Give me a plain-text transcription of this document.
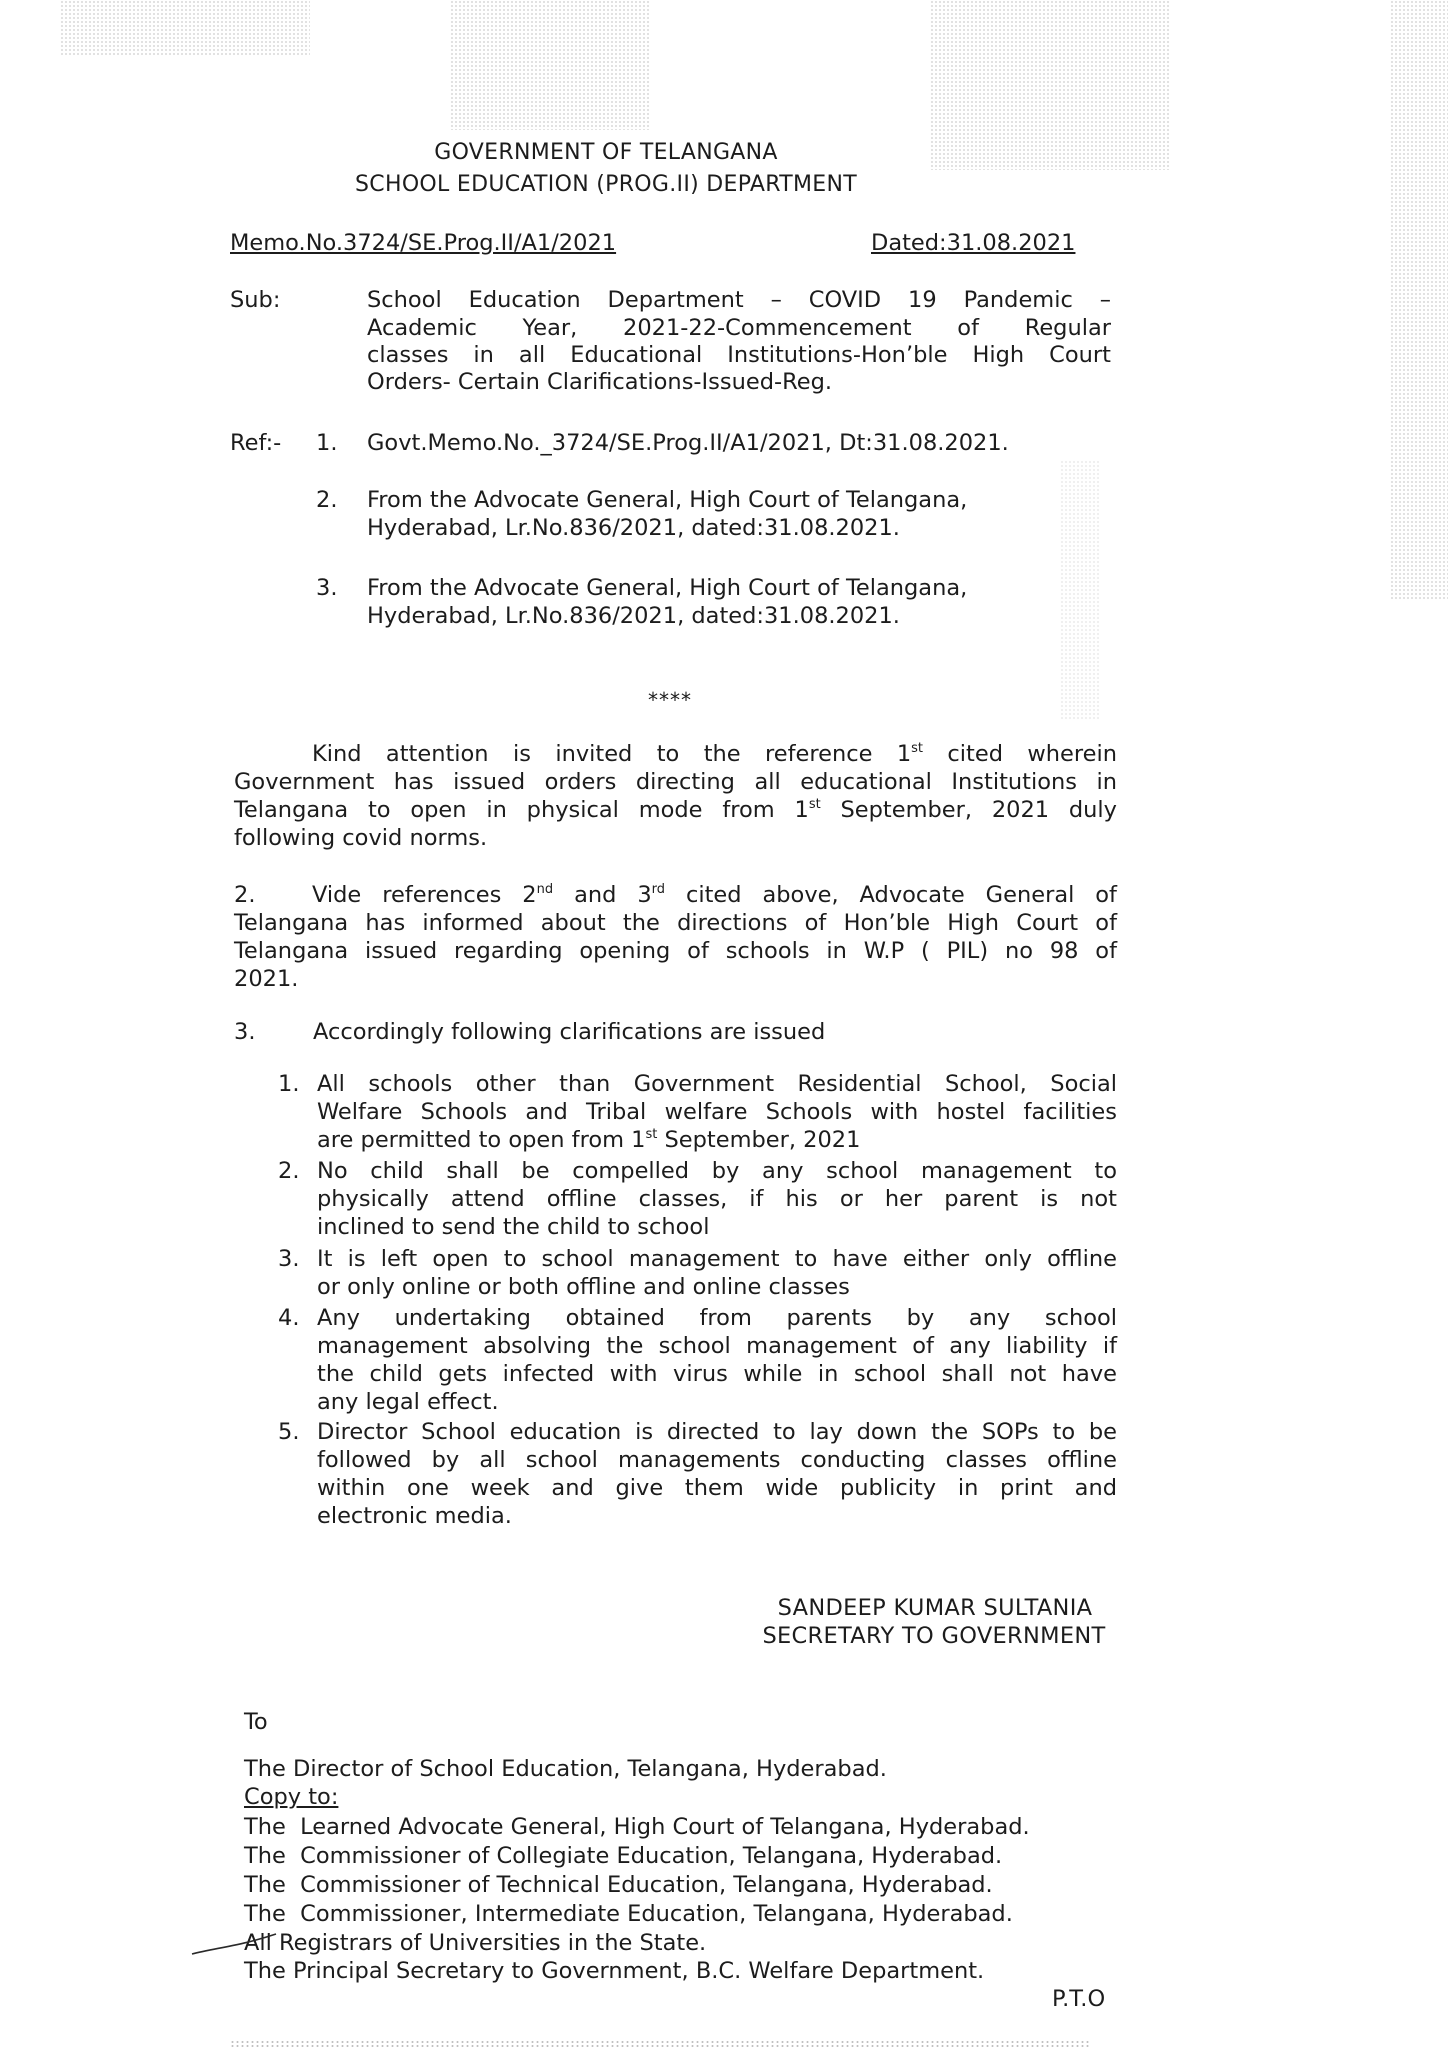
GOVERNMENT OF TELANGANA
SCHOOL EDUCATION (PROG.II) DEPARTMENT
Memo.No.3724/SE.Prog.II/A1/2021	Dated:31.08.2021
Sub:	School Education Department – COVID 19 Pandemic –
Academic Year, 2021-22-Commencement of Regular
classes in all Educational Institutions-Hon’ble High Court
Orders- Certain Clarifications-Issued-Reg.
Ref:- 1. Govt.Memo.No._3724/SE.Prog.II/A1/2021, Dt:31.08.2021.
2. From the Advocate General, High Court of Telangana,
Hyderabad, Lr.No.836/2021, dated:31.08.2021.
3. From the Advocate General, High Court of Telangana,
Hyderabad, Lr.No.836/2021, dated:31.08.2021.
****
Kind attention is invited to the reference 1st cited wherein
Government has issued orders directing all educational Institutions in
Telangana to open in physical mode from 1st September, 2021 duly
following covid norms.
2.	Vide references 2nd and 3rd cited above, Advocate General of
Telangana has informed about the directions of Hon’ble High Court of
Telangana issued regarding opening of schools in W.P ( PIL) no 98 of
2021.
3.	Accordingly following clarifications are issued
1. All schools other than Government Residential School, Social
Welfare Schools and Tribal welfare Schools with hostel facilities
are permitted to open from 1st September, 2021
2. No child shall be compelled by any school management to
physically attend offline classes, if his or her parent is not
inclined to send the child to school
3. It is left open to school management to have either only offline
or only online or both offline and online classes
4. Any undertaking obtained from parents by any school
management absolving the school management of any liability if
the child gets infected with virus while in school shall not have
any legal effect.
5. Director School education is directed to lay down the SOPs to be
followed by all school managements conducting classes offline
within one week and give them wide publicity in print and
electronic media.
SANDEEP KUMAR SULTANIA
SECRETARY TO GOVERNMENT
To
The Director of School Education, Telangana, Hyderabad.
Copy to:
The  Learned Advocate General, High Court of Telangana, Hyderabad.
The  Commissioner of Collegiate Education, Telangana, Hyderabad.
The  Commissioner of Technical Education, Telangana, Hyderabad.
The  Commissioner, Intermediate Education, Telangana, Hyderabad.
All Registrars of Universities in the State.
The Principal Secretary to Government, B.C. Welfare Department.
P.T.O
